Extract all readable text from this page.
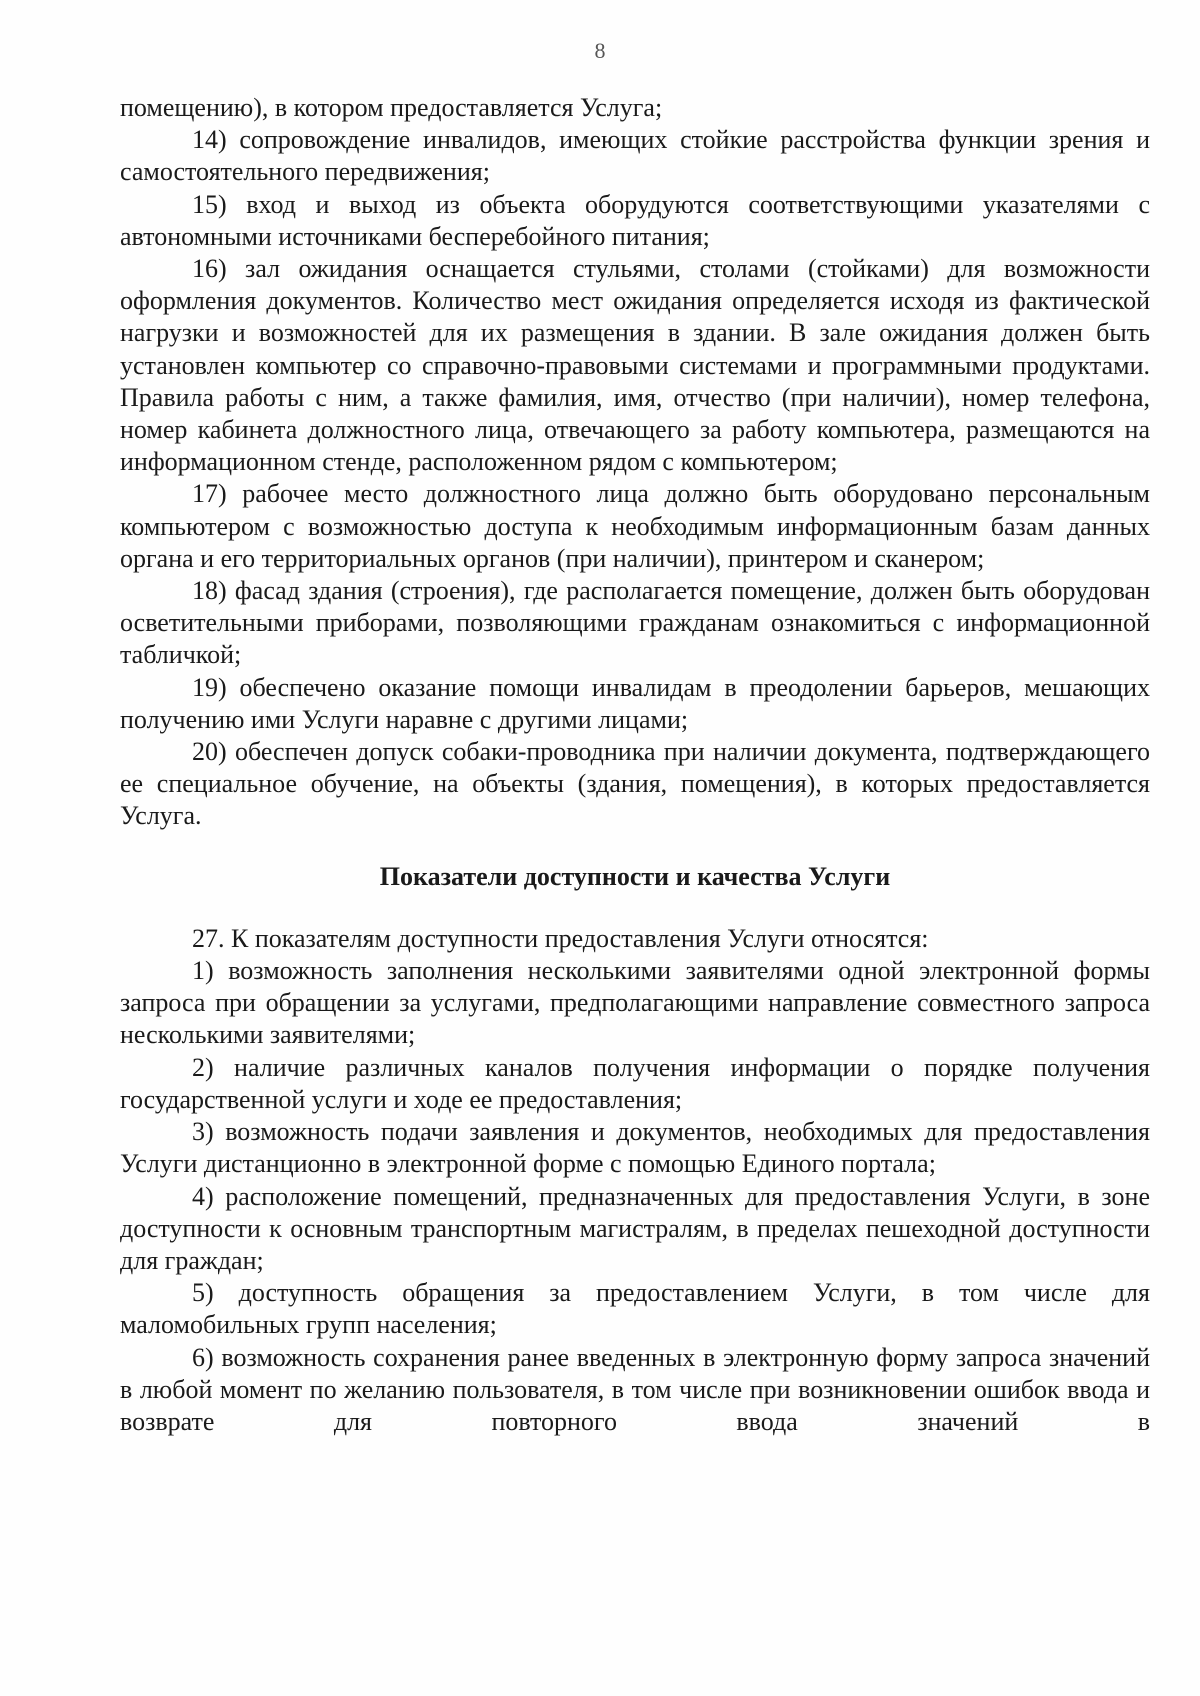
8

помещению), в котором предоставляется Услуга;

14) сопровождение инвалидов, имеющих стойкие расстройства функции зрения и самостоятельного передвижения;

15) вход и выход из объекта оборудуются соответствующими указателями с автономными источниками бесперебойного питания;

16) зал ожидания оснащается стульями, столами (стойками) для возможности оформления документов. Количество мест ожидания определяется исходя из фактической нагрузки и возможностей для их размещения в здании. В зале ожидания должен быть установлен компьютер со справочно-правовыми системами и программными продуктами. Правила работы с ним, а также фамилия, имя, отчество (при наличии), номер телефона, номер кабинета должностного лица, отвечающего за работу компьютера, размещаются на информационном стенде, расположенном рядом с компьютером;

17) рабочее место должностного лица должно быть оборудовано персональным компьютером с возможностью доступа к необходимым информационным базам данных органа и его территориальных органов (при наличии), принтером и сканером;

18) фасад здания (строения), где располагается помещение, должен быть оборудован осветительными приборами, позволяющими гражданам ознакомиться с информационной табличкой;

19) обеспечено оказание помощи инвалидам в преодолении барьеров, мешающих получению ими Услуги наравне с другими лицами;

20) обеспечен допуск собаки-проводника при наличии документа, подтверждающего ее специальное обучение, на объекты (здания, помещения), в которых предоставляется Услуга.

Показатели доступности и качества Услуги

27. К показателям доступности предоставления Услуги относятся:

1) возможность заполнения несколькими заявителями одной электронной формы запроса при обращении за услугами, предполагающими направление совместного запроса несколькими заявителями;

2) наличие различных каналов получения информации о порядке получения государственной услуги и ходе ее предоставления;

3) возможность подачи заявления и документов, необходимых для предоставления Услуги дистанционно в электронной форме с помощью Единого портала;

4) расположение помещений, предназначенных для предоставления Услуги, в зоне доступности к основным транспортным магистралям, в пределах пешеходной доступности для граждан;

5) доступность обращения за предоставлением Услуги, в том числе для маломобильных групп населения;

6) возможность сохранения ранее введенных в электронную форму запроса значений в любой момент по желанию пользователя, в том числе при возникновении ошибок ввода и возврате для повторного ввода значений в
